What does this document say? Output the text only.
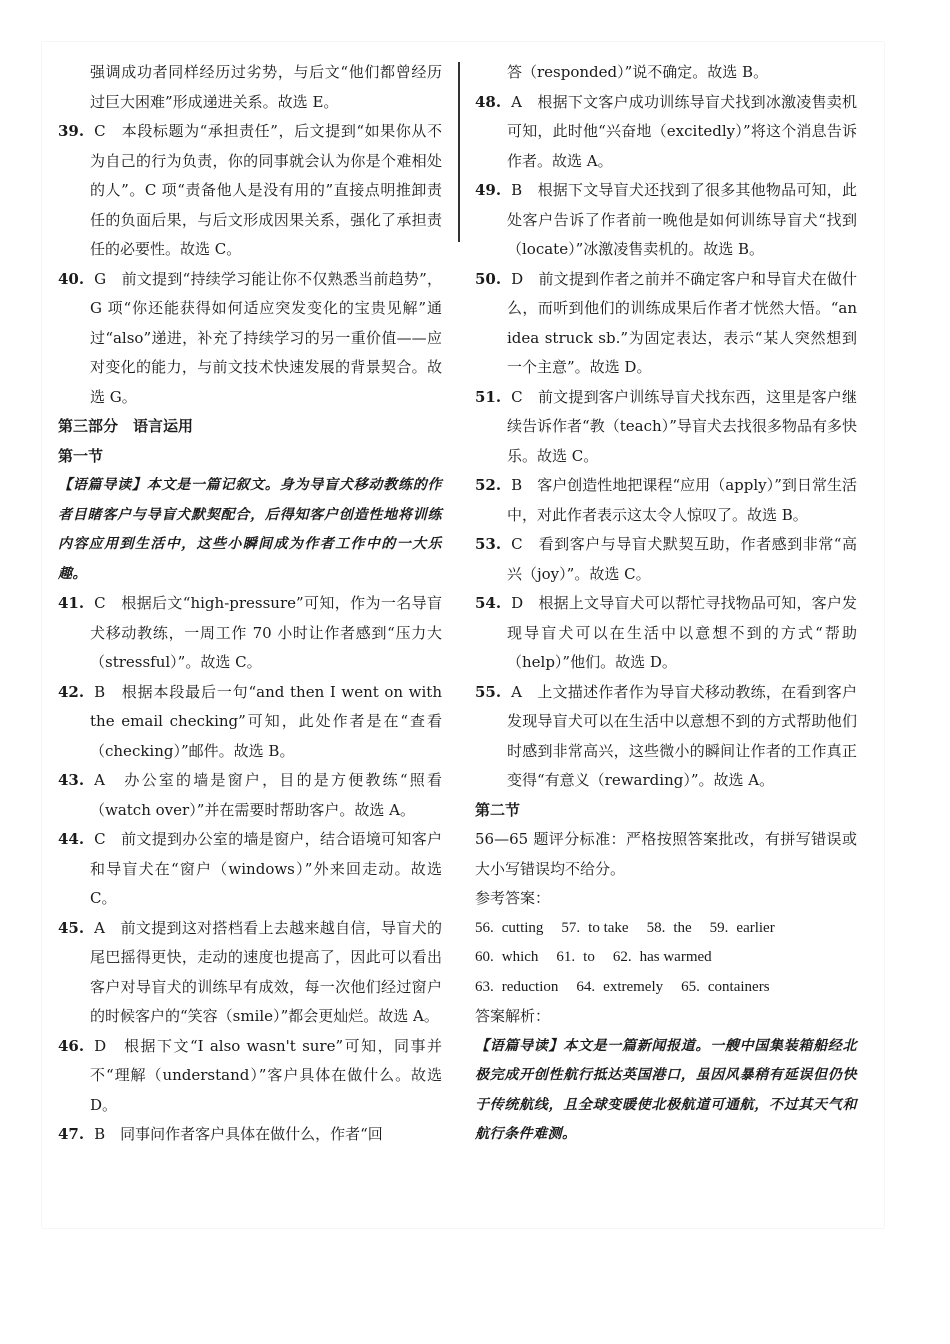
强调成功者同样经历过劣势，与后文“他们都曾经历过巨大困难”形成递进关系。故选 E。

39. C　本段标题为“承担责任”，后文提到“如果你从不为自己的行为负责，你的同事就会认为你是个难相处的人”。C 项“责备他人是没有用的”直接点明推卸责任的负面后果，与后文形成因果关系，强化了承担责任的必要性。故选 C。

40. G　前文提到“持续学习能让你不仅熟悉当前趋势”，G 项“你还能获得如何适应突发变化的宝贵见解”通过“also”递进，补充了持续学习的另一重价值——应对变化的能力，与前文技术快速发展的背景契合。故选 G。

第三部分　语言运用

第一节

【语篇导读】本文是一篇记叙文。身为导盲犬移动教练的作者目睹客户与导盲犬默契配合，后得知客户创造性地将训练内容应用到生活中，这些小瞬间成为作者工作中的一大乐趣。

41. C　根据后文“high-pressure”可知，作为一名导盲犬移动教练，一周工作 70 小时让作者感到“压力大（stressful）”。故选 C。

42. B　根据本段最后一句“and then I went on with the email checking”可知，此处作者是在“查看（checking）”邮件。故选 B。

43. A　办公室的墙是窗户，目的是方便教练“照看（watch over）”并在需要时帮助客户。故选 A。

44. C　前文提到办公室的墙是窗户，结合语境可知客户和导盲犬在“窗户（windows）”外来回走动。故选 C。

45. A　前文提到这对搭档看上去越来越自信，导盲犬的尾巴摇得更快，走动的速度也提高了，因此可以看出客户对导盲犬的训练早有成效，每一次他们经过窗户的时候客户的“笑容（smile）”都会更灿烂。故选 A。

46. D　根据下文“I also wasn't sure”可知，同事并不“理解（understand）”客户具体在做什么。故选 D。

47. B　同事问作者客户具体在做什么，作者“回

答（responded）”说不确定。故选 B。

48. A　根据下文客户成功训练导盲犬找到冰激凌售卖机可知，此时他“兴奋地（excitedly）”将这个消息告诉作者。故选 A。

49. B　根据下文导盲犬还找到了很多其他物品可知，此处客户告诉了作者前一晚他是如何训练导盲犬“找到（locate）”冰激凌售卖机的。故选 B。

50. D　前文提到作者之前并不确定客户和导盲犬在做什么，而听到他们的训练成果后作者才恍然大悟。“an idea struck sb.”为固定表达，表示“某人突然想到一个主意”。故选 D。

51. C　前文提到客户训练导盲犬找东西，这里是客户继续告诉作者“教（teach）”导盲犬去找很多物品有多快乐。故选 C。

52. B　客户创造性地把课程“应用（apply）”到日常生活中，对此作者表示这太令人惊叹了。故选 B。

53. C　看到客户与导盲犬默契互助，作者感到非常“高兴（joy）”。故选 C。

54. D　根据上文导盲犬可以帮忙寻找物品可知，客户发现导盲犬可以在生活中以意想不到的方式“帮助（help）”他们。故选 D。

55. A　上文描述作者作为导盲犬移动教练，在看到客户发现导盲犬可以在生活中以意想不到的方式帮助他们时感到非常高兴，这些微小的瞬间让作者的工作真正变得“有意义（rewarding）”。故选 A。

第二节

56—65 题评分标准：严格按照答案批改，有拼写错误或大小写错误均不给分。

参考答案：

56. cutting 57. to take 58. the 59. earlier

60. which 61. to 62. has warmed

63. reduction 64. extremely 65. containers

答案解析：

【语篇导读】本文是一篇新闻报道。一艘中国集装箱船经北极完成开创性航行抵达英国港口，虽因风暴稍有延误但仍快于传统航线，且全球变暖使北极航道可通航，不过其天气和航行条件难测。
